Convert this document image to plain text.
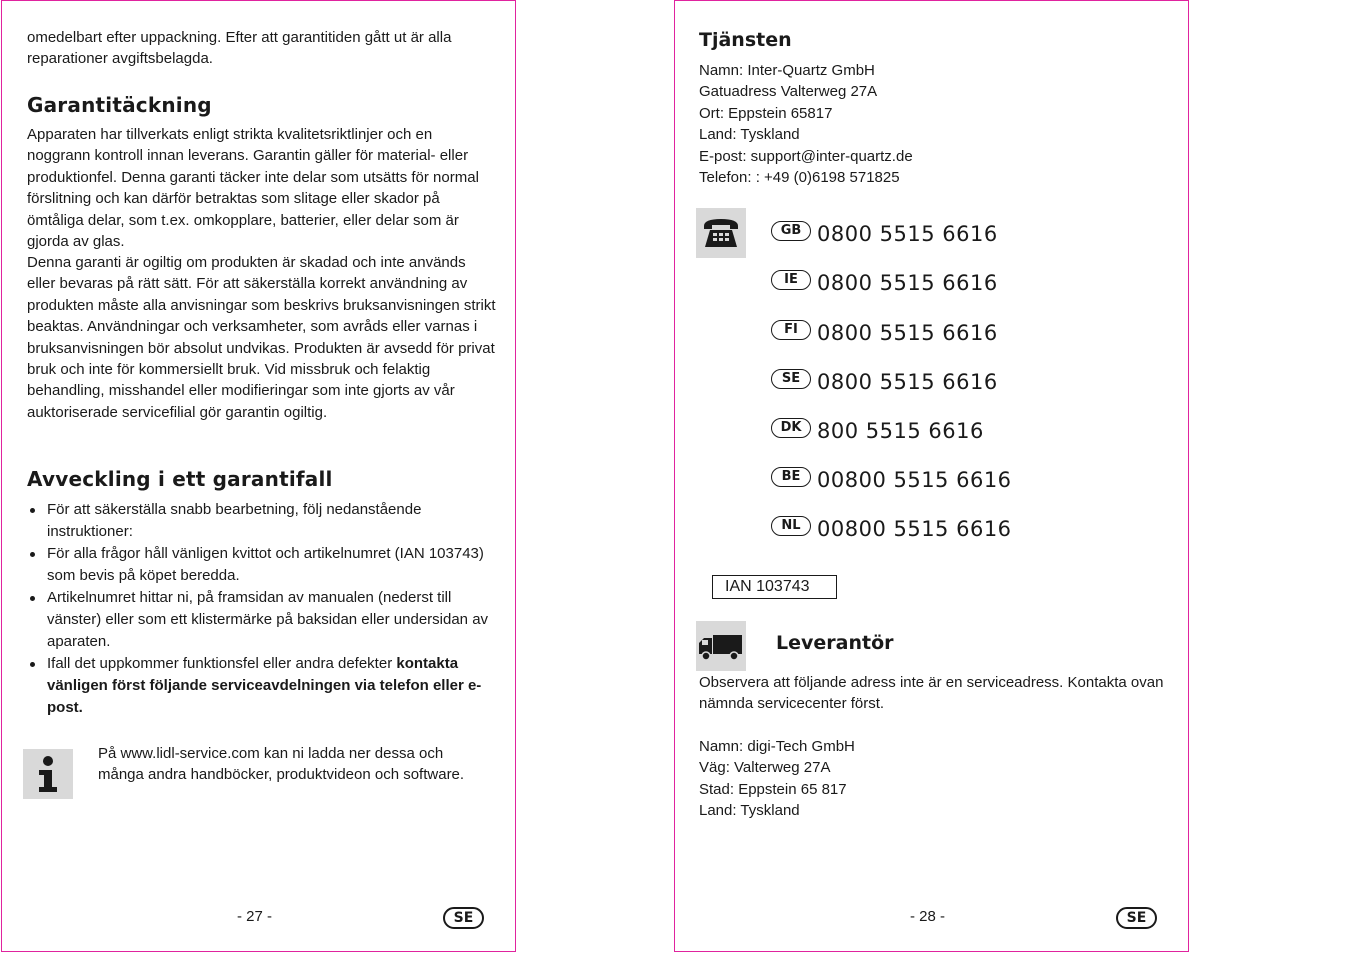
omedelbart efter uppackning. Efter att garantitiden gått ut är alla reparationer avgiftsbelagda.

Garantitäckning

Apparaten har tillverkats enligt strikta kvalitetsriktlinjer och en noggrann kontroll innan leverans. Garantin gäller för material- eller produktionfel. Denna garanti täcker inte delar som utsätts för normal förslitning och kan därför betraktas som slitage eller skador på ömtåliga delar, som t.ex. omkopplare, batterier, eller delar som är gjorda av glas.

Denna garanti är ogiltig om produkten är skadad och inte används eller bevaras på rätt sätt. För att säkerställa korrekt användning av produkten måste alla anvisningar som beskrivs bruksanvisningen strikt beaktas. Användningar och verksamheter, som avråds eller varnas i bruksanvisningen bör absolut undvikas. Produkten är avsedd för privat bruk och inte för kommersiellt bruk. Vid missbruk och felaktig behandling, misshandel eller modifieringar som inte gjorts av vår auktoriserade servicefilial gör garantin ogiltig.

Avveckling i ett garantifall
För att säkerställa snabb bearbetning, följ nedanstående instruktioner:
För alla frågor håll vänligen kvittot och artikelnumret (IAN 103743) som bevis på köpet beredda.
Artikelnumret hittar ni, på framsidan av manualen (nederst till vänster) eller som ett klistermärke på baksidan eller undersidan av aparaten.
Ifall det uppkommer funktionsfel eller andra defekter kontakta vänligen först följande serviceavdelningen via telefon eller e-post.

På www.lidl-service.com kan ni ladda ner dessa och många andra handböcker, produktvideon och software.

- 27 -	SE
Tjänsten
Namn: Inter-Quartz GmbH
Gatuadress Valterweg 27A
Ort: Eppstein 65817
Land: Tyskland
E-post: support@inter-quartz.de
Telefon: : +49 (0)6198 571825
GB 0800 5515 6616
IE 0800 5515 6616
FI 0800 5515 6616
SE 0800 5515 6616
DK 800 5515 6616
BE 00800 5515 6616
NL 00800 5515 6616
IAN 103743
Leverantör

Observera att följande adress inte är en serviceadress. Kontakta ovan nämnda servicecenter först.

Namn: digi-Tech GmbH
Väg: Valterweg 27A
Stad: Eppstein 65 817
Land: Tyskland
- 28 -	SE
